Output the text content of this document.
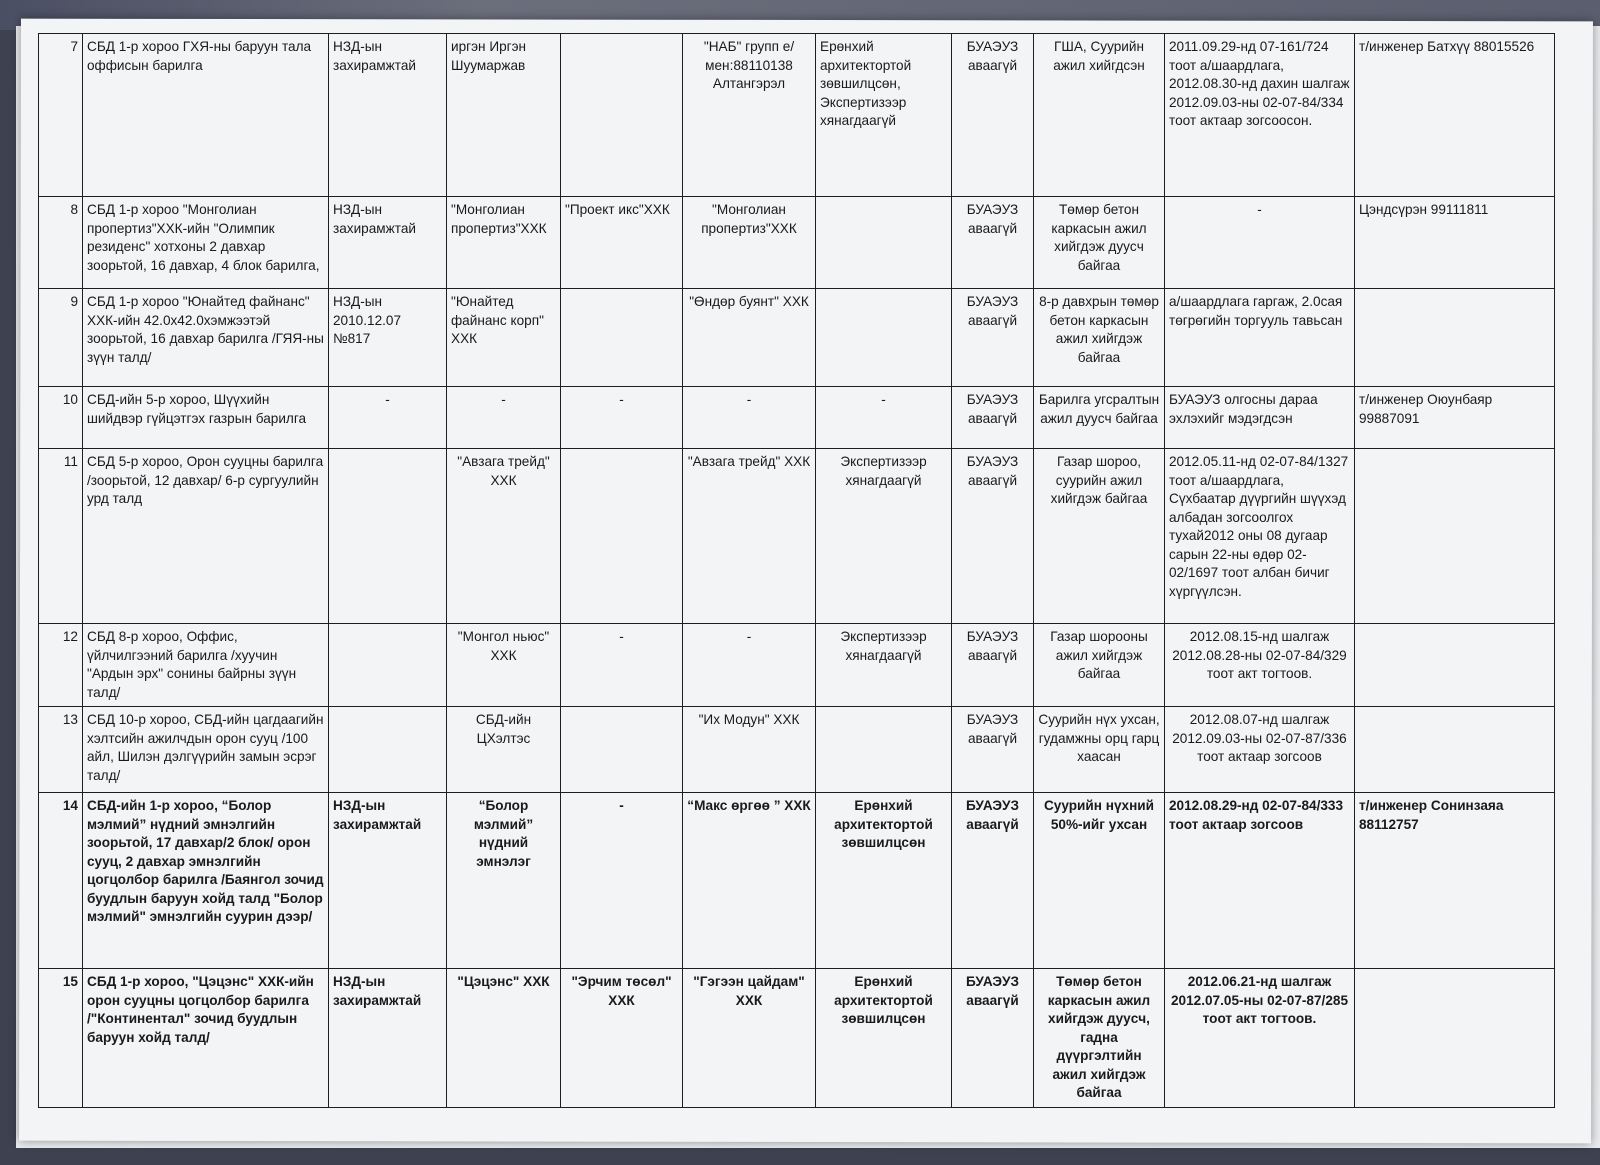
7	СБД 1-р хороо ГХЯ-ны баруун тала оффисын барилга	НЗД-ын захирамжтай	иргэн Иргэн Шуумаржав		"НАБ" групп е/мен:88110138 Алтангэрэл	Ерөнхий архитектортой зөвшилцсөн, Экспертизээр хянагдаагүй	БУАЭУЗ аваагүй	ГША, Суурийн ажил хийгдсэн	2011.09.29-нд 07-161/724 тоот а/шаардлага, 2012.08.30-нд дахин шалгаж 2012.09.03-ны 02-07-84/334 тоот актаар зогсоосон.	т/инженер Батхүү 88015526
8	СБД 1-р хороо "Монголиан пропертиз"ХХК-ийн "Олимпик резиденс" хотхоны 2 давхар зоорьтой, 16 давхар, 4 блок барилга,	НЗД-ын захирамжтай	"Монголиан пропертиз"ХХК	"Проект икс"ХХК	"Монголиан пропертиз"ХХК		БУАЭУЗ аваагүй	Төмөр бетон каркасын ажил хийгдэж дууcч байгаа	-	Цэндсүрэн 99111811
9	СБД 1-р хороо "Юнайтед файнанс" ХХК-ийн 42.0x42.0хэмжээтэй зоорьтой, 16 давхар барилга /ГЯЯ-ны зүүн талд/	НЗД-ын 2010.12.07 №817	"Юнайтед файнанс корп" ХХК		"Өндөр буянт" ХХК		БУАЭУЗ аваагүй	8-р давхрын төмөр бетон каркасын ажил хийгдэж байгаа	а/шаардлага гаргаж, 2.0сая төгрөгийн торгууль тавьсан	
10	СБД-ийн 5-р хороо, Шүүхийн шийдвэр гүйцэтгэх газрын барилга	-	-	-	-	-	БУАЭУЗ аваагүй	Барилга угсралтын ажил дууcч байгаа	БУАЭУЗ олгосны дараа эхлэхийг мэдэгдсэн	т/инженер Оюунбаяр 99887091
11	СБД 5-р хороо, Орон сууцны барилга /зоорьтой, 12 давхар/ 6-р сургуулийн урд талд		"Авзага трейд" ХХК		"Авзага трейд" ХХК	Экспертизээр хянагдаагүй	БУАЭУЗ аваагүй	Газар шороо, суурийн ажил хийгдэж байгаа	2012.05.11-нд 02-07-84/1327 тоот а/шаардлага, Сүхбаатар дүүргийн шүүхэд албадан зогсоолгох тухай2012 оны 08 дугаар сарын 22-ны өдөр 02-02/1697 тоот албан бичиг хүргүүлсэн.	
12	СБД 8-р хороо, Оффис, үйлчилгээний барилга /хуучин "Ардын эрх" сонины байрны зүүн талд/		"Монгол ньюс" ХХК	-	-	Экспертизээр хянагдаагүй	БУАЭУЗ аваагүй	Газар шорооны ажил хийгдэж байгаа	2012.08.15-нд шалгаж 2012.08.28-ны 02-07-84/329 тоот акт тогтоов.	
13	СБД 10-р хороо, СБД-ийн цагдаагийн хэлтсийн ажилчдын орон сууц /100 айл, Шилэн дэлгүүрийн замын эсрэг талд/		СБД-ийн ЦХэлтэс		"Их Модун" ХХК		БУАЭУЗ аваагүй	Суурийн нүх ухсан, гудамжны орц гарц хаасан	2012.08.07-нд шалгаж 2012.09.03-ны 02-07-87/336 тоот актаар зогсоов	
14	СБД-ийн 1-р хороо, “Болор мэлмий” нүдний эмнэлгийн зоорьтой, 17 давхар/2 блок/ орон сууц, 2 давхар эмнэлгийн цогцолбор барилга /Баянгол зочид буудлын баруун хойд талд "Болор мэлмий" эмнэлгийн суурин дээр/	НЗД-ын захирамжтай	“Болор мэлмий” нүдний эмнэлэг	-	“Макс өргөө ” ХХК	Ерөнхий архитектортой зөвшилцсөн	БУАЭУЗ аваагүй	Суурийн нүхний 50%-ийг ухсан	2012.08.29-нд 02-07-84/333 тоот актаар зогсоов	т/инженер Сонинзаяа 88112757
15	СБД 1-р хороо, "Цэцэнс" ХХК-ийн орон сууцны цогцолбор барилга /"Континентал" зочид буудлын баруун хойд талд/	НЗД-ын захирамжтай	"Цэцэнс" ХХК	"Эрчим төсөл" ХХК	"Гэгээн цайдам" ХХК	Ерөнхий архитектортой зөвшилцсөн	БУАЭУЗ аваагүй	Төмөр бетон каркасын ажил хийгдэж дууcч, гадна дүүргэлтийн ажил хийгдэж байгаа	2012.06.21-нд шалгаж 2012.07.05-ны 02-07-87/285 тоот акт тогтоов.	
